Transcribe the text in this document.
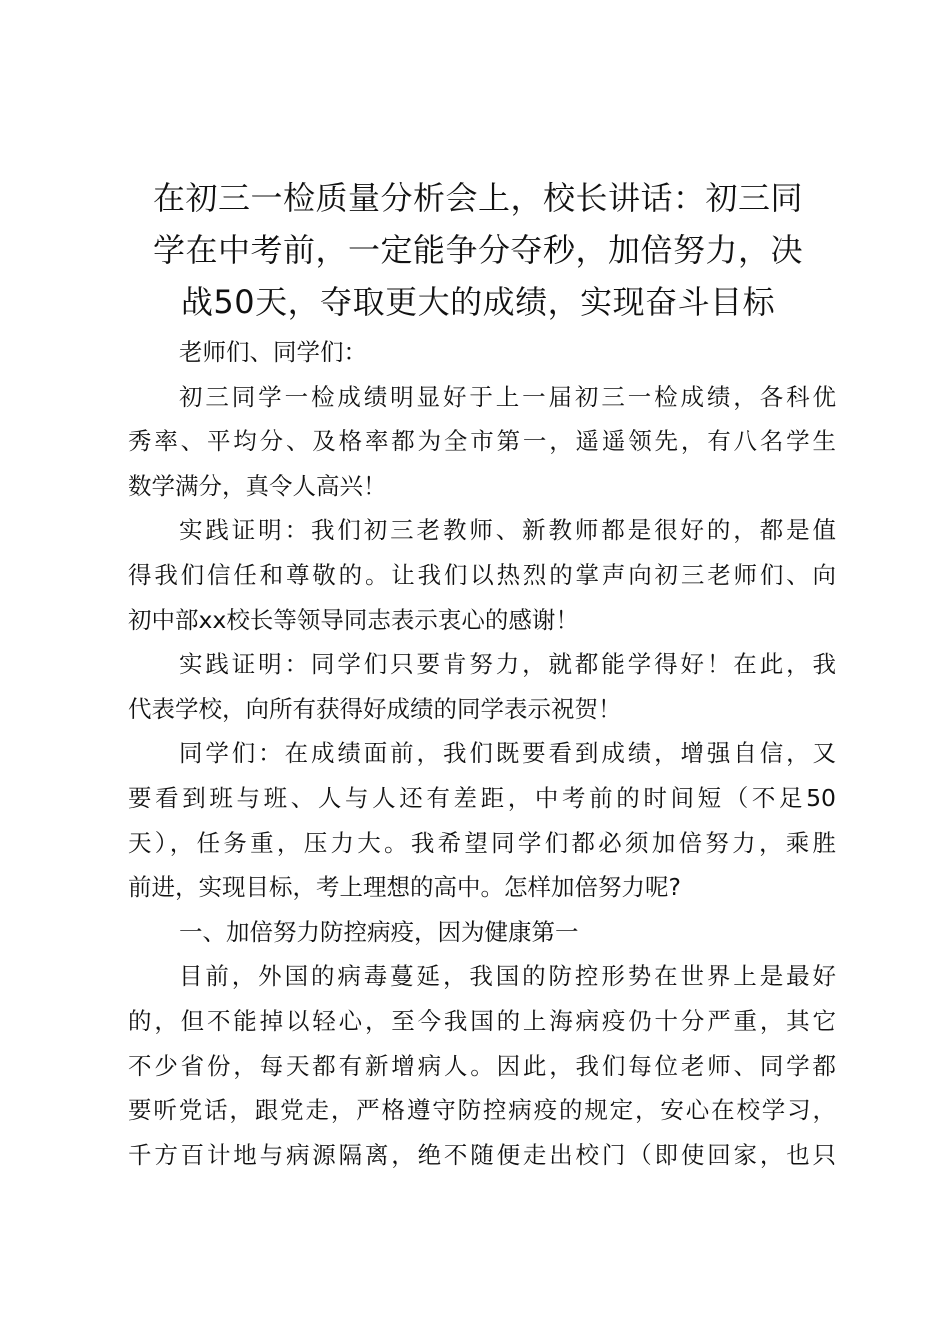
在初三一检质量分析会上，校长讲话：初三同
学在中考前，一定能争分夺秒，加倍努力，决
战50天，夺取更大的成绩，实现奋斗目标

老师们、同学们：

初三同学一检成绩明显好于上一届初三一检成绩，各科优
秀率、平均分、及格率都为全市第一，遥遥领先，有八名学生
数学满分，真令人高兴！

实践证明：我们初三老教师、新教师都是很好的，都是值
得我们信任和尊敬的。让我们以热烈的掌声向初三老师们、向
初中部xx校长等领导同志表示衷心的感谢！

实践证明：同学们只要肯努力，就都能学得好！在此，我
代表学校，向所有获得好成绩的同学表示祝贺！

同学们：在成绩面前，我们既要看到成绩，增强自信，又
要看到班与班、人与人还有差距，中考前的时间短（不足50
天），任务重，压力大。我希望同学们都必须加倍努力，乘胜
前进，实现目标，考上理想的高中。怎样加倍努力呢?

一、加倍努力防控病疫，因为健康第一

目前，外国的病毒蔓延，我国的防控形势在世界上是最好
的，但不能掉以轻心，至今我国的上海病疫仍十分严重，其它
不少省份，每天都有新增病人。因此，我们每位老师、同学都
要听党话，跟党走，严格遵守防控病疫的规定，安心在校学习，
千方百计地与病源隔离，绝不随便走出校门（即使回家，也只
